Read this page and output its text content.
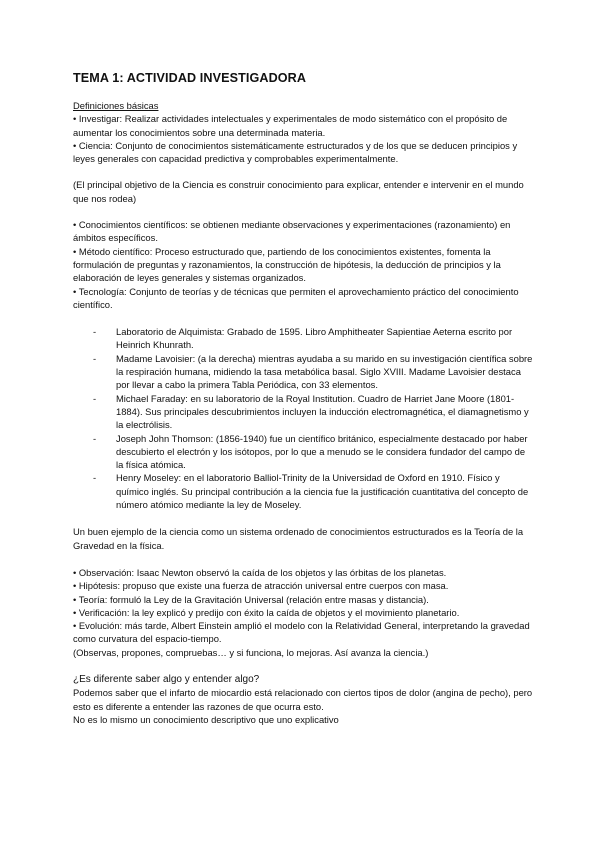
TEMA 1: ACTIVIDAD INVESTIGADORA

Definiciones básicas

• Investigar: Realizar actividades intelectuales y experimentales de modo sistemático con el propósito de aumentar los conocimientos sobre una determinada materia.

• Ciencia: Conjunto de conocimientos sistemáticamente estructurados y de los que se deducen principios y leyes generales con capacidad predictiva y comprobables experimentalmente.

(El principal objetivo de la Ciencia es construir conocimiento para explicar, entender e intervenir en el mundo que nos rodea)

• Conocimientos científicos: se obtienen mediante observaciones y experimentaciones (razonamiento) en ámbitos específicos.

• Método científico: Proceso estructurado que, partiendo de los conocimientos existentes, fomenta la formulación de preguntas y razonamientos, la construcción de hipótesis, la deducción de principios y la elaboración de leyes generales y sistemas organizados.

• Tecnología: Conjunto de teorías y de técnicas que permiten el aprovechamiento práctico del conocimiento científico.

- Laboratorio de Alquimista: Grabado de 1595. Libro Amphitheater Sapientiae Aeterna escrito por Heinrich Khunrath.
- Madame Lavoisier: (a la derecha) mientras ayudaba a su marido en su investigación científica sobre la respiración humana, midiendo la tasa metabólica basal. Siglo XVIII. Madame Lavoisier destaca por llevar a cabo la primera Tabla Periódica, con 33 elementos.
- Michael Faraday: en su laboratorio de la Royal Institution. Cuadro de Harriet Jane Moore (1801-1884). Sus principales descubrimientos incluyen la inducción electromagnética, el diamagnetismo y la electrólisis.
- Joseph John Thomson: (1856-1940) fue un científico británico, especialmente destacado por haber descubierto el electrón y los isótopos, por lo que a menudo se le considera fundador del campo de la física atómica.
- Henry Moseley: en el laboratorio Balliol-Trinity de la Universidad de Oxford en 1910. Físico y químico inglés. Su principal contribución a la ciencia fue la justificación cuantitativa del concepto de número atómico mediante la ley de Moseley.

Un buen ejemplo de la ciencia como un sistema ordenado de conocimientos estructurados es la Teoría de la Gravedad en la física.

• Observación: Isaac Newton observó la caída de los objetos y las órbitas de los planetas.

• Hipótesis: propuso que existe una fuerza de atracción universal entre cuerpos con masa.

• Teoría: formuló la Ley de la Gravitación Universal (relación entre masas y distancia).

• Verificación: la ley explicó y predijo con éxito la caída de objetos y el movimiento planetario.

• Evolución: más tarde, Albert Einstein amplió el modelo con la Relatividad General, interpretando la gravedad como curvatura del espacio-tiempo.

(Observas, propones, compruebas… y si funciona, lo mejoras. Así avanza la ciencia.)

¿Es diferente saber algo y entender algo?

Podemos saber que el infarto de miocardio está relacionado con ciertos tipos de dolor (angina de pecho), pero esto es diferente a entender las razones de que ocurra esto.

No es lo mismo un conocimiento descriptivo que uno explicativo
